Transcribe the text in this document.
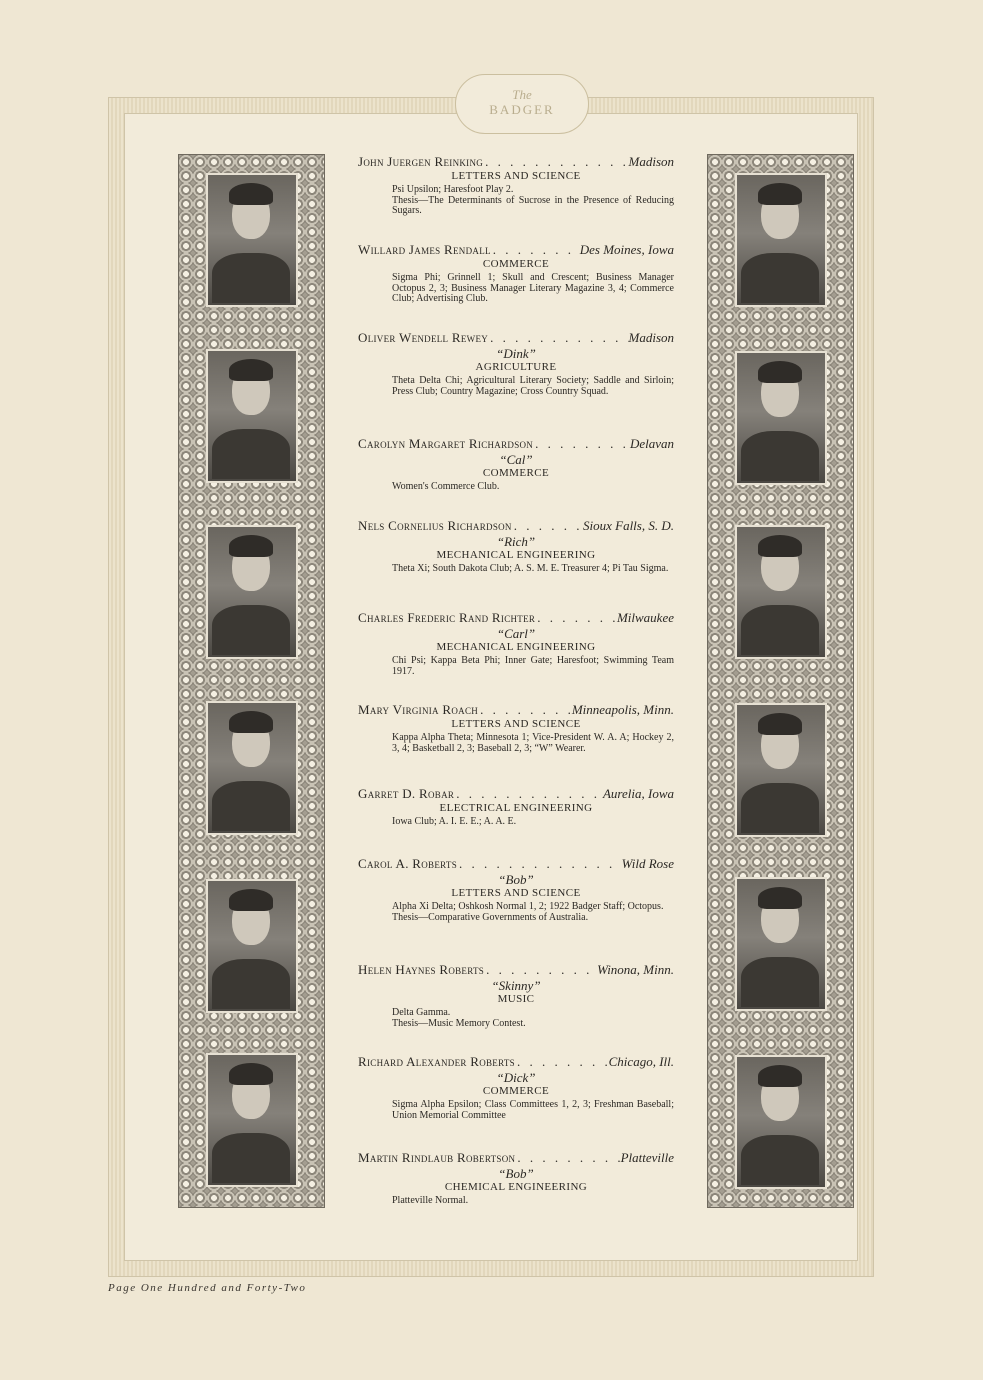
The
BADGER
John Juergen Reinking . . .	Madison
LETTERS AND SCIENCE
Psi Upsilon; Haresfoot Play 2.
Thesis—The Determinants of Sucrose in the Presence of Reducing Sugars.
Willard James Rendall . . .	Des Moines, Iowa
COMMERCE
Sigma Phi; Grinnell 1; Skull and Crescent; Business Manager Octopus 2, 3; Business Manager Literary Magazine 3, 4; Commerce Club; Advertising Club.
Oliver Wendell Rewey . . .	Madison
“Dink”
AGRICULTURE
Theta Delta Chi; Agricultural Literary Society; Saddle and Sirloin; Press Club; Country Magazine; Cross Country Squad.
Carolyn Margaret Richardson . . .	Delavan
“Cal”
COMMERCE
Women's Commerce Club.
Nels Cornelius Richardson . . .	Sioux Falls, S. D.
“Rich”
MECHANICAL ENGINEERING
Theta Xi; South Dakota Club; A. S. M. E. Treasurer 4; Pi Tau Sigma.
Charles Frederic Rand Richter . . .	Milwaukee
“Carl”
MECHANICAL ENGINEERING
Chi Psi; Kappa Beta Phi; Inner Gate; Haresfoot; Swimming Team 1917.
Mary Virginia Roach . . .	Minneapolis, Minn.
LETTERS AND SCIENCE
Kappa Alpha Theta; Minnesota 1; Vice-President W. A. A; Hockey 2, 3, 4; Basketball 2, 3; Baseball 2, 3; “W” Wearer.
Garret D. Robar . . .	Aurelia, Iowa
ELECTRICAL ENGINEERING
Iowa Club; A. I. E. E.; A. A. E.
Carol A. Roberts . . .	Wild Rose
“Bob”
LETTERS AND SCIENCE
Alpha Xi Delta; Oshkosh Normal 1, 2; 1922 Badger Staff; Octopus.
Thesis—Comparative Governments of Australia.
Helen Haynes Roberts . . .	Winona, Minn.
“Skinny”
MUSIC
Delta Gamma.
Thesis—Music Memory Contest.
Richard Alexander Roberts . . .	Chicago, Ill.
“Dick”
COMMERCE
Sigma Alpha Epsilon; Class Committees 1, 2, 3; Freshman Baseball; Union Memorial Committee
Martin Rindlaub Robertson . . .	Platteville
“Bob”
CHEMICAL ENGINEERING
Platteville Normal.
Page One Hundred and Forty-Two
